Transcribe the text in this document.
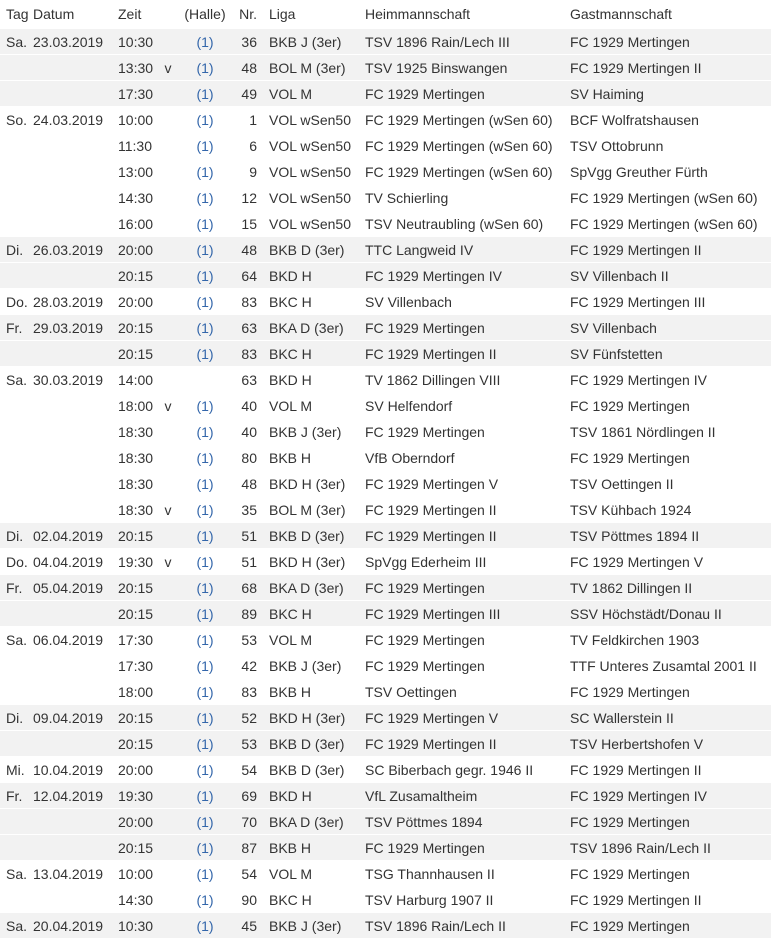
Tag	Datum	Zeit		(Halle)	Nr.	Liga	Heimmannschaft	Gastmannschaft
Sa.	23.03.2019	10:30		(1)	36	BKB J (3er)	TSV 1896 Rain/Lech III	FC 1929 Mertingen
		13:30	v	(1)	48	BOL M (3er)	TSV 1925 Binswangen	FC 1929 Mertingen II
		17:30		(1)	49	VOL M	FC 1929 Mertingen	SV Haiming
So.	24.03.2019	10:00		(1)	1	VOL wSen50	FC 1929 Mertingen (wSen 60)	BCF Wolfratshausen
		11:30		(1)	6	VOL wSen50	FC 1929 Mertingen (wSen 60)	TSV Ottobrunn
		13:00		(1)	9	VOL wSen50	FC 1929 Mertingen (wSen 60)	SpVgg Greuther Fürth
		14:30		(1)	12	VOL wSen50	TV Schierling	FC 1929 Mertingen (wSen 60)
		16:00		(1)	15	VOL wSen50	TSV Neutraubling (wSen 60)	FC 1929 Mertingen (wSen 60)
Di.	26.03.2019	20:00		(1)	48	BKB D (3er)	TTC Langweid IV	FC 1929 Mertingen II
		20:15		(1)	64	BKD H	FC 1929 Mertingen IV	SV Villenbach II
Do.	28.03.2019	20:00		(1)	83	BKC H	SV Villenbach	FC 1929 Mertingen III
Fr.	29.03.2019	20:15		(1)	63	BKA D (3er)	FC 1929 Mertingen	SV Villenbach
		20:15		(1)	83	BKC H	FC 1929 Mertingen II	SV Fünfstetten
Sa.	30.03.2019	14:00			63	BKD H	TV 1862 Dillingen VIII	FC 1929 Mertingen IV
		18:00	v	(1)	40	VOL M	SV Helfendorf	FC 1929 Mertingen
		18:30		(1)	40	BKB J (3er)	FC 1929 Mertingen	TSV 1861 Nördlingen II
		18:30		(1)	80	BKB H	VfB Oberndorf	FC 1929 Mertingen
		18:30		(1)	48	BKD H (3er)	FC 1929 Mertingen V	TSV Oettingen II
		18:30	v	(1)	35	BOL M (3er)	FC 1929 Mertingen II	TSV Kühbach 1924
Di.	02.04.2019	20:15		(1)	51	BKB D (3er)	FC 1929 Mertingen II	TSV Pöttmes 1894 II
Do.	04.04.2019	19:30	v	(1)	51	BKD H (3er)	SpVgg Ederheim III	FC 1929 Mertingen V
Fr.	05.04.2019	20:15		(1)	68	BKA D (3er)	FC 1929 Mertingen	TV 1862 Dillingen II
		20:15		(1)	89	BKC H	FC 1929 Mertingen III	SSV Höchstädt/Donau II
Sa.	06.04.2019	17:30		(1)	53	VOL M	FC 1929 Mertingen	TV Feldkirchen 1903
		17:30		(1)	42	BKB J (3er)	FC 1929 Mertingen	TTF Unteres Zusamtal 2001 II
		18:00		(1)	83	BKB H	TSV Oettingen	FC 1929 Mertingen
Di.	09.04.2019	20:15		(1)	52	BKD H (3er)	FC 1929 Mertingen V	SC Wallerstein II
		20:15		(1)	53	BKB D (3er)	FC 1929 Mertingen II	TSV Herbertshofen V
Mi.	10.04.2019	20:00		(1)	54	BKB D (3er)	SC Biberbach gegr. 1946 II	FC 1929 Mertingen II
Fr.	12.04.2019	19:30		(1)	69	BKD H	VfL Zusamaltheim	FC 1929 Mertingen IV
		20:00		(1)	70	BKA D (3er)	TSV Pöttmes 1894	FC 1929 Mertingen
		20:15		(1)	87	BKB H	FC 1929 Mertingen	TSV 1896 Rain/Lech II
Sa.	13.04.2019	10:00		(1)	54	VOL M	TSG Thannhausen II	FC 1929 Mertingen
		14:30		(1)	90	BKC H	TSV Harburg 1907 II	FC 1929 Mertingen II
Sa.	20.04.2019	10:30		(1)	45	BKB J (3er)	TSV 1896 Rain/Lech II	FC 1929 Mertingen
